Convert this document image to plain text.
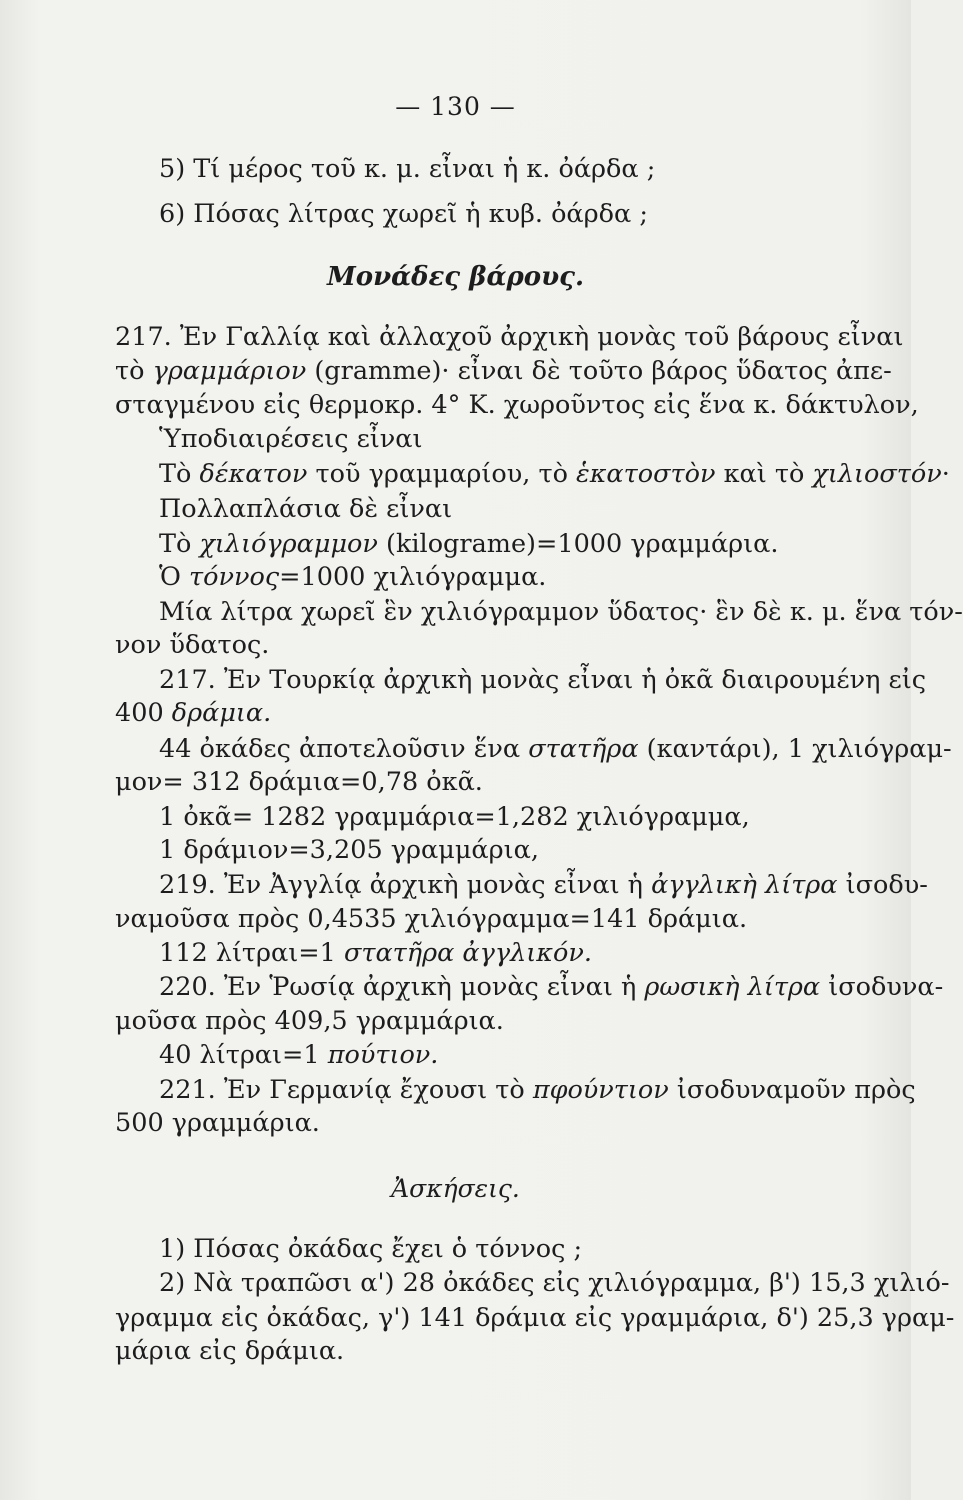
— 130 —
5) Τί μέρος τοῦ κ. μ. εἶναι ἡ κ. ὀάρδα ;
6) Πόσας λίτρας χωρεῖ ἡ κυβ. ὀάρδα ;
Μονάδες βάρους.
217. Ἐν Γαλλίᾳ καὶ ἀλλαχοῦ ἀρχικὴ μονὰς τοῦ βάρους εἶναι
τὸ γραμμάριον (gramme)· εἶναι δὲ τοῦτο βάρος ὕδατος ἀπε-
σταγμένου εἰς θερμοκρ. 4° Κ. χωροῦντος εἰς ἕνα κ. δάκτυλον,
Ὑποδιαιρέσεις εἶναι
Τὸ δέκατον τοῦ γραμμαρίου, τὸ ἑκατοστὸν καὶ τὸ χιλιοστόν·
Πολλαπλάσια δὲ εἶναι
Τὸ χιλιόγραμμον (kilograme)=1000 γραμμάρια.
Ὁ τόννος=1000 χιλιόγραμμα.
Μία λίτρα χωρεῖ ἓν χιλιόγραμμον ὕδατος· ἓν δὲ κ. μ. ἕνα τόν-
νον ὕδατος.
217. Ἐν Τουρκίᾳ ἀρχικὴ μονὰς εἶναι ἡ ὀκᾶ διαιρουμένη εἰς
400 δράμια.
44 ὀκάδες ἀποτελοῦσιν ἕνα στατῆρα (καντάρι), 1 χιλιόγραμ-
μον= 312 δράμια=0,78 ὀκᾶ.
1 ὀκᾶ= 1282 γραμμάρια=1,282 χιλιόγραμμα,
1 δράμιον=3,205 γραμμάρια,
219. Ἐν Ἀγγλίᾳ ἀρχικὴ μονὰς εἶναι ἡ ἀγγλικὴ λίτρα ἰσοδυ-
ναμοῦσα πρὸς 0,4535 χιλιόγραμμα=141 δράμια.
112 λίτραι=1 στατῆρα ἀγγλικόν.
220. Ἐν Ῥωσίᾳ ἀρχικὴ μονὰς εἶναι ἡ ρωσικὴ λίτρα ἰσοδυνα-
μοῦσα πρὸς 409,5 γραμμάρια.
40 λίτραι=1 πούτιον.
221. Ἐν Γερμανίᾳ ἔχουσι τὸ πφούντιον ἰσοδυναμοῦν πρὸς
500 γραμμάρια.
Ἀσκήσεις.
1) Πόσας ὀκάδας ἔχει ὁ τόννος ;
2) Νὰ τραπῶσι α') 28 ὀκάδες εἰς χιλιόγραμμα, β') 15,3 χιλιό-
γραμμα εἰς ὀκάδας, γ') 141 δράμια εἰς γραμμάρια, δ') 25,3 γραμ-
μάρια εἰς δράμια.
